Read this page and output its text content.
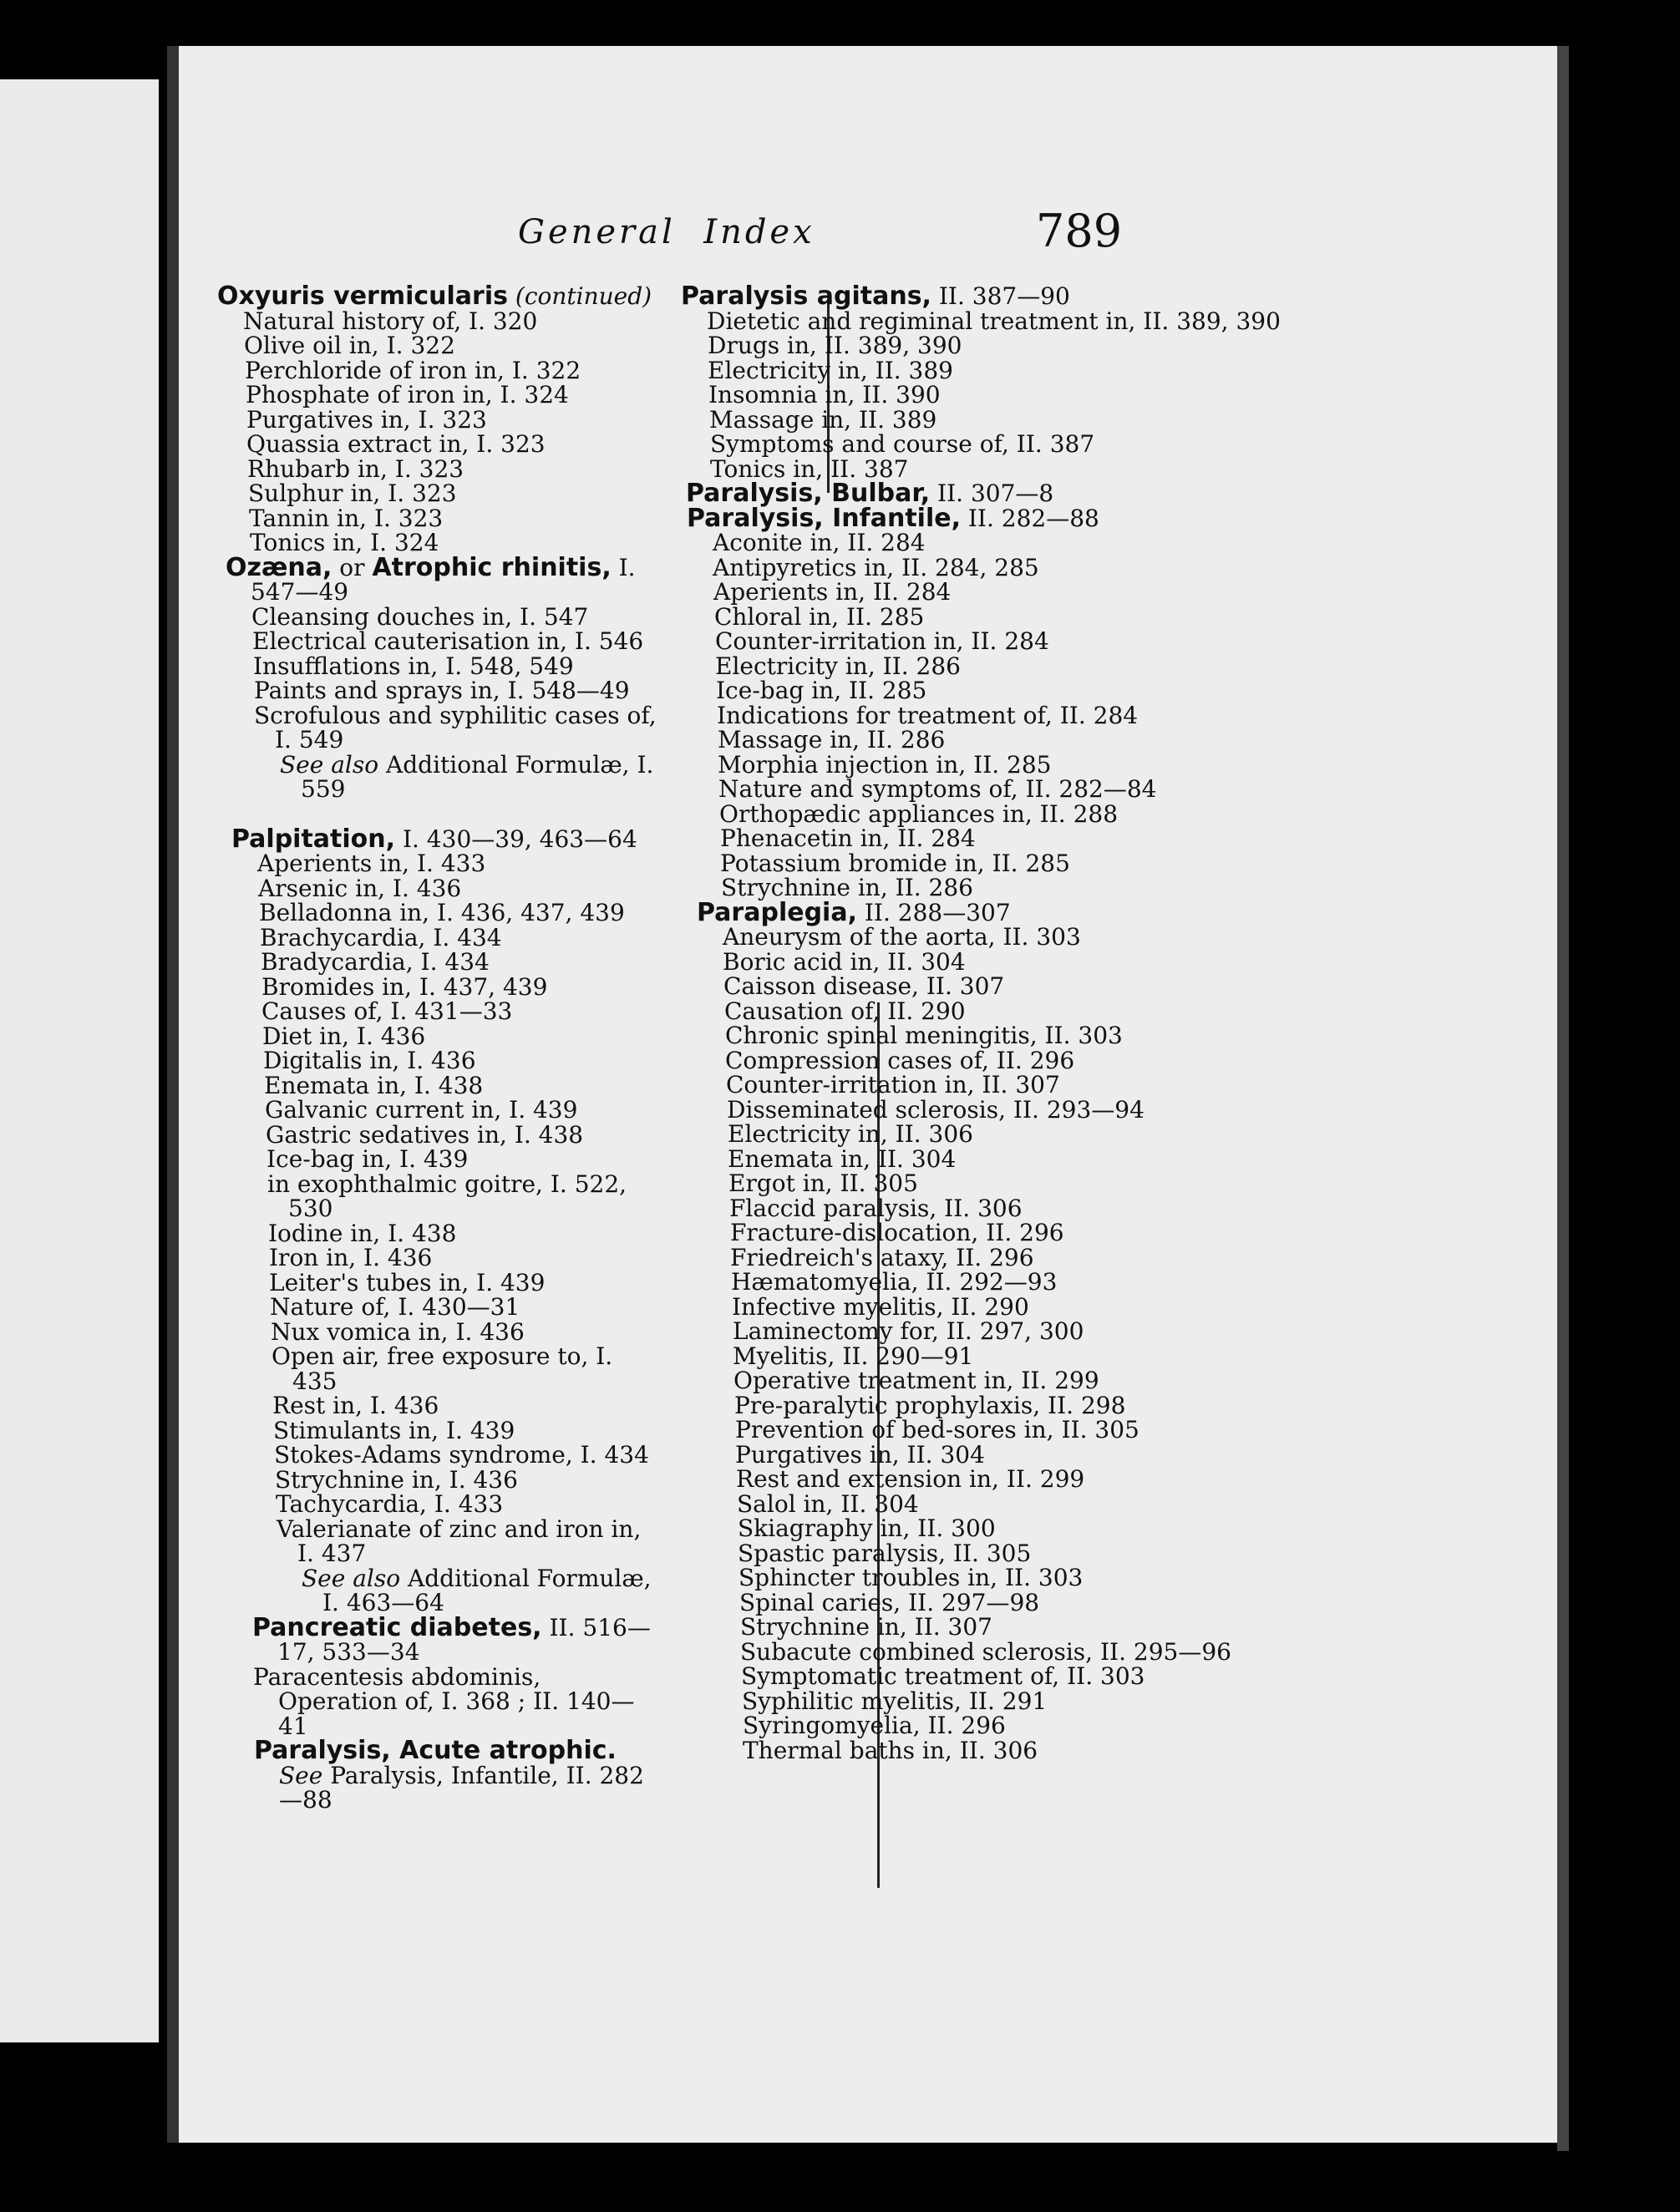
General Index	789
Oxyuris vermicularis (continued)
Natural history of, I. 320
Olive oil in, I. 322
Perchloride of iron in, I. 322
Phosphate of iron in, I. 324
Purgatives in, I. 323
Quassia extract in, I. 323
Rhubarb in, I. 323
Sulphur in, I. 323
Tannin in, I. 323
Tonics in, I. 324
Ozæna, or Atrophic rhinitis, I. 547—49
Cleansing douches in, I. 547
Electrical cauterisation in, I. 546
Insufflations in, I. 548, 549
Paints and sprays in, I. 548—49
Scrofulous and syphilitic cases of, I. 549
See also Additional Formulæ, I. 559
Palpitation, I. 430—39, 463—64
Aperients in, I. 433
Arsenic in, I. 436
Belladonna in, I. 436, 437, 439
Brachycardia, I. 434
Bradycardia, I. 434
Bromides in, I. 437, 439
Causes of, I. 431—33
Diet in, I. 436
Digitalis in, I. 436
Enemata in, I. 438
Galvanic current in, I. 439
Gastric sedatives in, I. 438
Ice-bag in, I. 439
in exophthalmic goitre, I. 522, 530
Iodine in, I. 438
Iron in, I. 436
Leiter's tubes in, I. 439
Nature of, I. 430—31
Nux vomica in, I. 436
Open air, free exposure to, I. 435
Rest in, I. 436
Stimulants in, I. 439
Stokes-Adams syndrome, I. 434
Strychnine in, I. 436
Tachycardia, I. 433
Valerianate of zinc and iron in, I. 437
See also Additional Formulæ, I. 463—64
Pancreatic diabetes, II. 516—17, 533—34
Paracentesis abdominis, Operation of, I. 368 ; II. 140—41
Paralysis, Acute atrophic. See Paralysis, Infantile, II. 282—88
Paralysis agitans, II. 387—90
Dietetic and regiminal treatment in, II. 389, 390
Drugs in, II. 389, 390
Electricity in, II. 389
Insomnia in, II. 390
Massage in, II. 389
Symptoms and course of, II. 387
Tonics in, II. 387
Paralysis, Bulbar, II. 307—8
Paralysis, Infantile, II. 282—88
Aconite in, II. 284
Antipyretics in, II. 284, 285
Aperients in, II. 284
Chloral in, II. 285
Counter-irritation in, II. 284
Electricity in, II. 286
Ice-bag in, II. 285
Indications for treatment of, II. 284
Massage in, II. 286
Morphia injection in, II. 285
Nature and symptoms of, II. 282—84
Orthopædic appliances in, II. 288
Phenacetin in, II. 284
Potassium bromide in, II. 285
Strychnine in, II. 286
Paraplegia, II. 288—307
Aneurysm of the aorta, II. 303
Boric acid in, II. 304
Caisson disease, II. 307
Causation of, II. 290
Chronic spinal meningitis, II. 303
Compression cases of, II. 296
Counter-irritation in, II. 307
Disseminated sclerosis, II. 293—94
Electricity in, II. 306
Enemata in, II. 304
Ergot in, II. 305
Flaccid paralysis, II. 306
Fracture-dislocation, II. 296
Friedreich's ataxy, II. 296
Hæmatomyelia, II. 292—93
Infective myelitis, II. 290
Laminectomy for, II. 297, 300
Myelitis, II. 290—91
Operative treatment in, II. 299
Pre-paralytic prophylaxis, II. 298
Prevention of bed-sores in, II. 305
Purgatives in, II. 304
Rest and extension in, II. 299
Salol in, II. 304
Skiagraphy in, II. 300
Spastic paralysis, II. 305
Sphincter troubles in, II. 303
Spinal caries, II. 297—98
Strychnine in, II. 307
Subacute combined sclerosis, II. 295—96
Symptomatic treatment of, II. 303
Syphilitic myelitis, II. 291
Syringomyelia, II. 296
Thermal baths in, II. 306
